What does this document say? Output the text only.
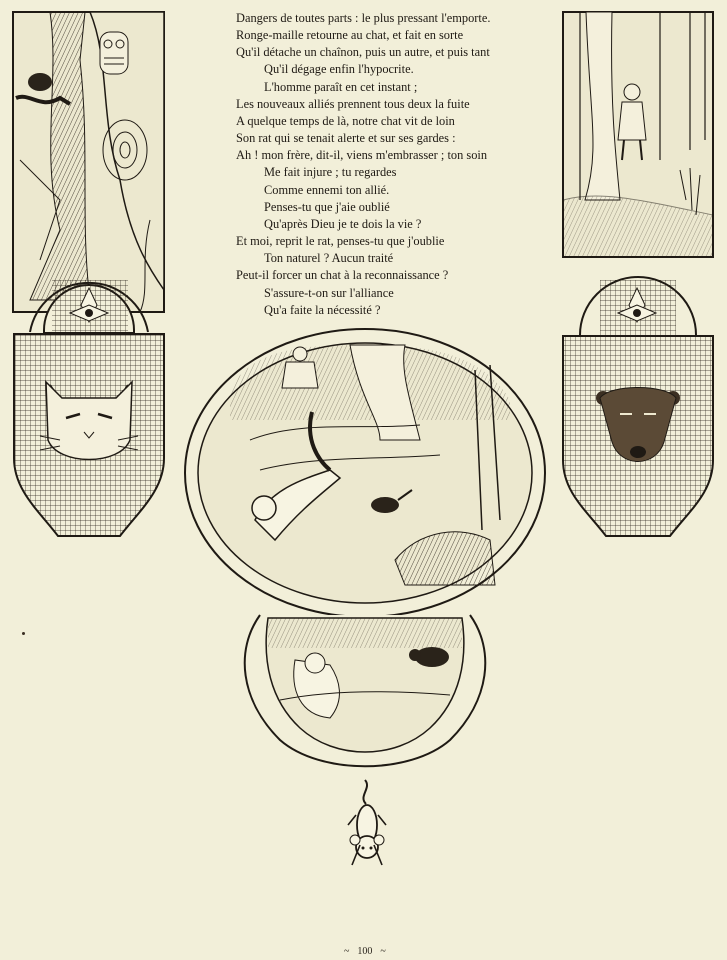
Dangers de toutes parts : le plus pressant l'emporte.
Ronge-maille retourne au chat, et fait en sorte
Qu'il détache un chaînon, puis un autre, et puis tant
Qu'il dégage enfin l'hypocrite.
L'homme paraît en cet instant ;
Les nouveaux alliés prennent tous deux la fuite
A quelque temps de là, notre chat vit de loin
Son rat qui se tenait alerte et sur ses gardes :
Ah ! mon frère, dit-il, viens m'embrasser ; ton soin
Me fait injure ; tu regardes
Comme ennemi ton allié.
Penses-tu que j'aie oublié
Qu'après Dieu je te dois la vie ?
Et moi, reprit le rat, penses-tu que j'oublie
Ton naturel ? Aucun traité
Peut-il forcer un chat à la reconnaissance ?
S'assure-t-on sur l'alliance
Qu'a faite la nécessité ?
~ 100 ~
